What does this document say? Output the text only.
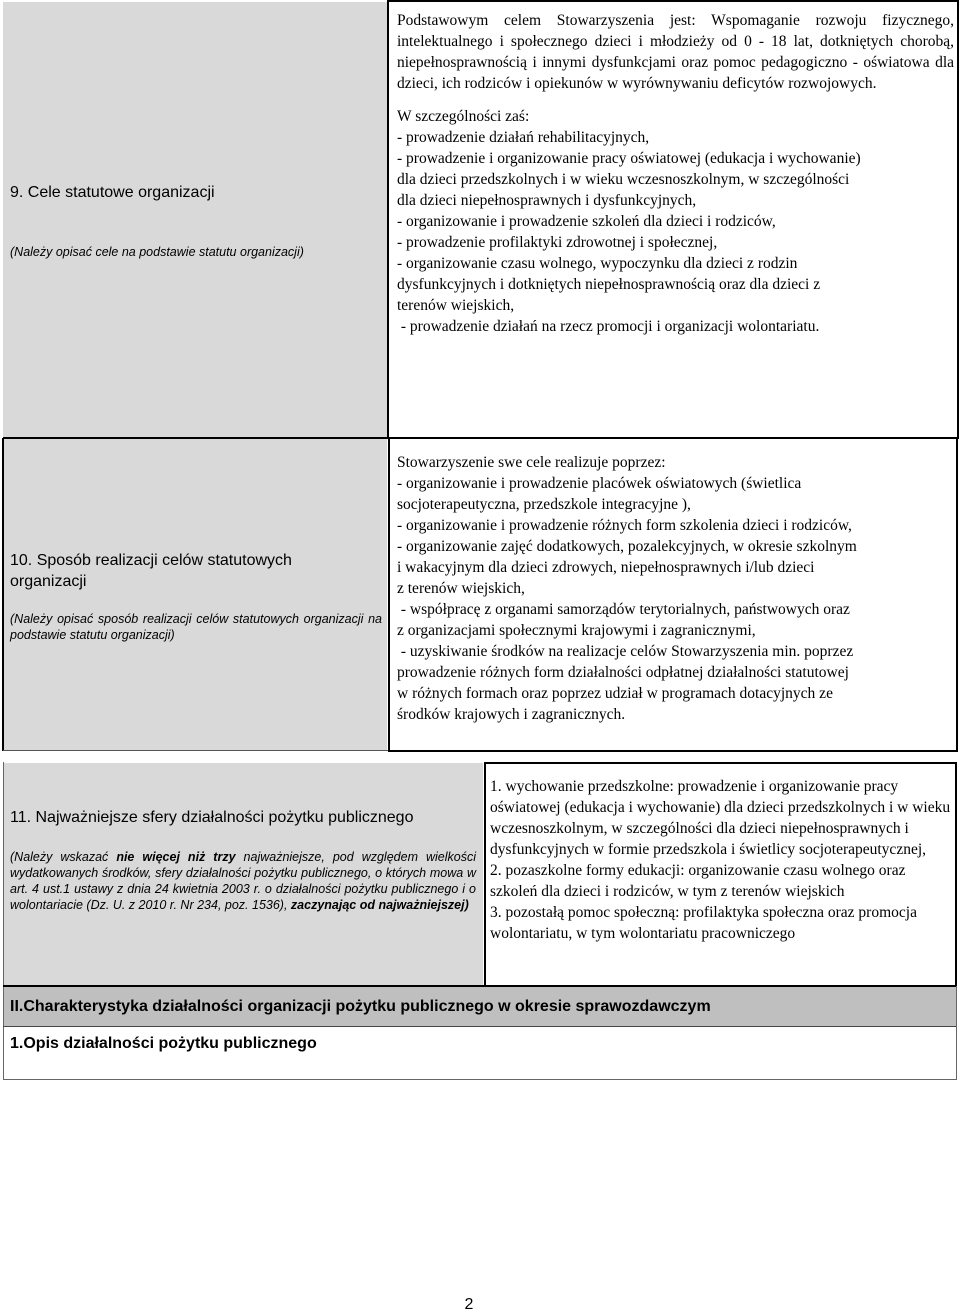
9. Cele statutowe organizacji
(Należy opisać cele na podstawie statutu organizacji)

Podstawowym celem Stowarzyszenia jest: Wspomaganie rozwoju fizycznego, intelektualnego i społecznego dzieci i młodzieży od 0 - 18 lat, dotkniętych chorobą, niepełnosprawnością i innymi dysfunkcjami oraz pomoc pedagogiczno - oświatowa dla dzieci, ich rodziców i opiekunów w wyrównywaniu deficytów rozwojowych.

W szczególności zaś:
- prowadzenie działań rehabilitacyjnych,
- prowadzenie i organizowanie pracy oświatowej (edukacja i wychowanie)
dla dzieci przedszkolnych i w wieku wczesnoszkolnym, w szczególności
dla dzieci niepełnosprawnych i dysfunkcyjnych,
- organizowanie i prowadzenie szkoleń dla dzieci i rodziców,
- prowadzenie profilaktyki zdrowotnej i społecznej,
- organizowanie czasu wolnego, wypoczynku dla dzieci z rodzin
dysfunkcyjnych i dotkniętych niepełnosprawnością oraz dla dzieci z
terenów wiejskich,
- prowadzenie działań na rzecz promocji i organizacji wolontariatu.
10. Sposób realizacji celów statutowych organizacji
(Należy opisać sposób realizacji celów statutowych organizacji na podstawie statutu organizacji)
Stowarzyszenie swe cele realizuje poprzez:
- organizowanie i prowadzenie placówek oświatowych (świetlica
socjoterapeutyczna, przedszkole integracyjne ),
- organizowanie i prowadzenie różnych form szkolenia dzieci i rodziców,
- organizowanie zajęć dodatkowych, pozalekcyjnych, w okresie szkolnym
i wakacyjnym dla dzieci zdrowych, niepełnosprawnych i/lub dzieci
z terenów wiejskich,
- współpracę z organami samorządów terytorialnych, państwowych oraz
z organizacjami społecznymi krajowymi i zagranicznymi,
- uzyskiwanie środków na realizacje celów Stowarzyszenia min. poprzez
prowadzenie różnych form działalności odpłatnej działalności statutowej
w różnych formach oraz poprzez udział w programach dotacyjnych ze
środków krajowych i zagranicznych.
11. Najważniejsze sfery działalności pożytku publicznego
(Należy wskazać nie więcej niż trzy najważniejsze, pod względem wielkości wydatkowanych środków, sfery działalności pożytku publicznego, o których mowa w art. 4 ust.1 ustawy z dnia 24 kwietnia 2003 r. o działalności pożytku publicznego i o wolontariacie (Dz. U. z 2010 r. Nr 234, poz. 1536), zaczynając od najważniejszej)
1. wychowanie przedszkolne: prowadzenie i organizowanie pracy oświatowej (edukacja i wychowanie) dla dzieci przedszkolnych i w wieku wczesnoszkolnym, w szczególności dla dzieci niepełnosprawnych i dysfunkcyjnych w formie przedszkola i świetlicy socjoterapeutycznej,
2. pozaszkolne formy edukacji: organizowanie czasu wolnego oraz szkoleń dla dzieci i rodziców, w tym z terenów wiejskich
3. pozostałą pomoc społeczną: profilaktyka społeczna oraz promocja wolontariatu, w tym wolontariatu pracowniczego
II.Charakterystyka działalności organizacji pożytku publicznego w okresie sprawozdawczym
1.Opis działalności pożytku publicznego
2
